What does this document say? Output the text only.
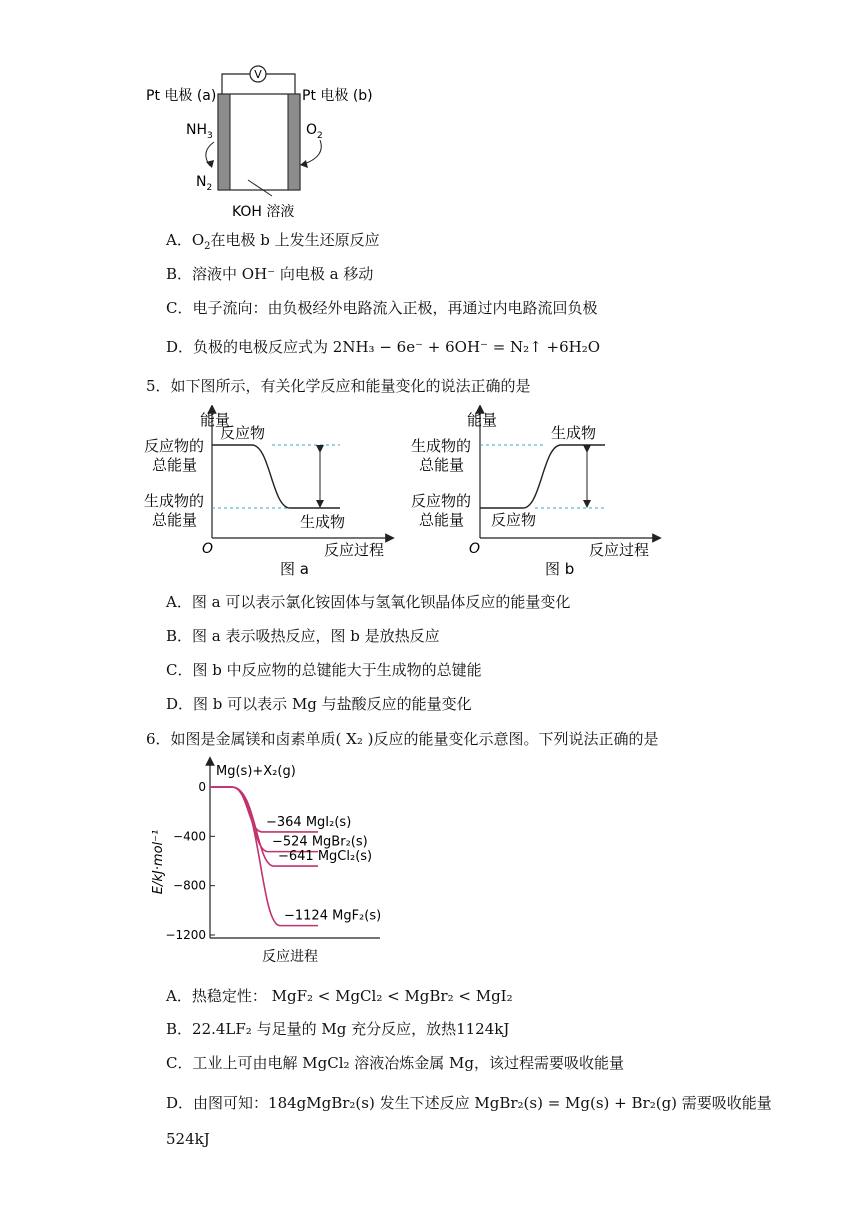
V
Pt 电极 (a)	Pt 电极 (b)
$NH_3$
$N_2$
$O_2$
KOH 溶液
A．$O_2$在电极 b 上发生还原反应
B．溶液中 OH⁻ 向电极 a 移动
C．电子流向：由负极经外电路流入正极，再通过内电路流回负极
D．负极的电极反应式为 2NH₃ − 6e⁻ + 6OH⁻ = N₂↑ +6H₂O
5．如下图所示，有关化学反应和能量变化的说法正确的是
能量
反应物的
总能量
生成物的
总能量
反应物
生成物
O	反应过程
图 a
能量
生成物的
总能量
反应物的
总能量 反应物
生成物
O	反应过程
图 b
A．图 a 可以表示氯化铵固体与氢氧化钡晶体反应的能量变化
B．图 a 表示吸热反应，图 b 是放热反应
C．图 b 中反应物的总键能大于生成物的总键能
D．图 b 可以表示 Mg 与盐酸反应的能量变化
6．如图是金属镁和卤素单质( X₂ )反应的能量变化示意图。下列说法正确的是
Mg(s)+X₂(g)
E/kJ·mol⁻¹
反应进程
0
−400
−800
−1200
−364 MgI₂(s)
−524 MgBr₂(s)
−641 MgCl₂(s)
−1124 MgF₂(s)
A．热稳定性： MgF₂ < MgCl₂ < MgBr₂ < MgI₂
B．22.4LF₂ 与足量的 Mg 充分反应，放热1124kJ
C．工业上可由电解 MgCl₂ 溶液冶炼金属 Mg，该过程需要吸收能量
D．由图可知：184gMgBr₂(s) 发生下述反应 MgBr₂(s) = Mg(s) + Br₂(g) 需要吸收能量
524kJ
